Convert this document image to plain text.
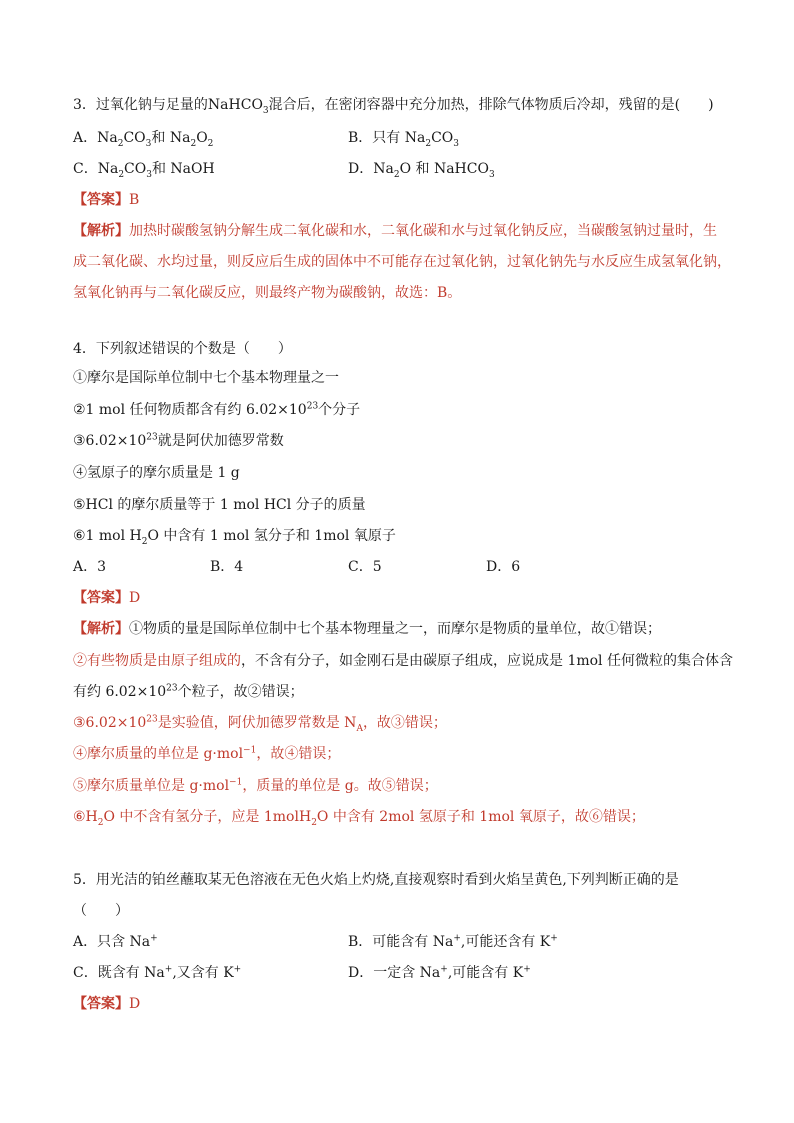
3．过氧化钠与足量的NaHCO$_3$混合后，在密闭容器中充分加热，排除气体物质后冷却，残留的是(　　)
A．$Na_2CO_3$和 $Na_2O_2$	B．只有 $Na_2CO_3$
C．$Na_2CO_3$和 NaOH	D．$Na_2O$ 和 NaHCO$_3$
【答案】B
【解析】加热时碳酸氢钠分解生成二氧化碳和水，二氧化碳和水与过氧化钠反应，当碳酸氢钠过量时，生
成二氧化碳、水均过量，则反应后生成的固体中不可能存在过氧化钠，过氧化钠先与水反应生成氢氧化钠，
氢氧化钠再与二氧化碳反应，则最终产物为碳酸钠，故选：B。
4．下列叙述错误的个数是（　　）
①摩尔是国际单位制中七个基本物理量之一
②1 mol 任何物质都含有约 $6.02\times 10^{23}$个分子
$③6.02\times 10^{23}$就是阿伏加德罗常数
④氢原子的摩尔质量是 1 g
⑤HCl 的摩尔质量等于 1 mol HCl 分子的质量
⑥1 mol $H_2O$ 中含有 1 mol 氢分子和 1mol 氧原子
A．3	B．4	C．5	D．6
【答案】D
【解析】①物质的量是国际单位制中七个基本物理量之一，而摩尔是物质的量单位，故①错误；
②有些物质是由原子组成的，不含有分子，如金刚石是由碳原子组成，应说成是 1mol 任何微粒的集合体含
有约 $6.02\times 10^{23}$个粒子，故②错误；
$③6.02\times 10^{23}$是实验值，阿伏加德罗常数是 $N_A$，故③错误；
④摩尔质量的单位是 g·mol$^{-1}$，故④错误；
⑤摩尔质量单位是 g·mol$^{-1}$，质量的单位是 g。故⑤错误；
$⑥H_2O$ 中不含有氢分子，应是 1molH$_2$O 中含有 2mol 氢原子和 1mol 氧原子，故⑥错误；
5．用光洁的铂丝蘸取某无色溶液在无色火焰上灼烧,直接观察时看到火焰呈黄色,下列判断正确的是
（　　）
A．只含 Na+	B．可能含有 Na+,可能还含有 K+
C．既含有 Na+,又含有 K+	D．一定含 Na+,可能含有 K+
【答案】D
